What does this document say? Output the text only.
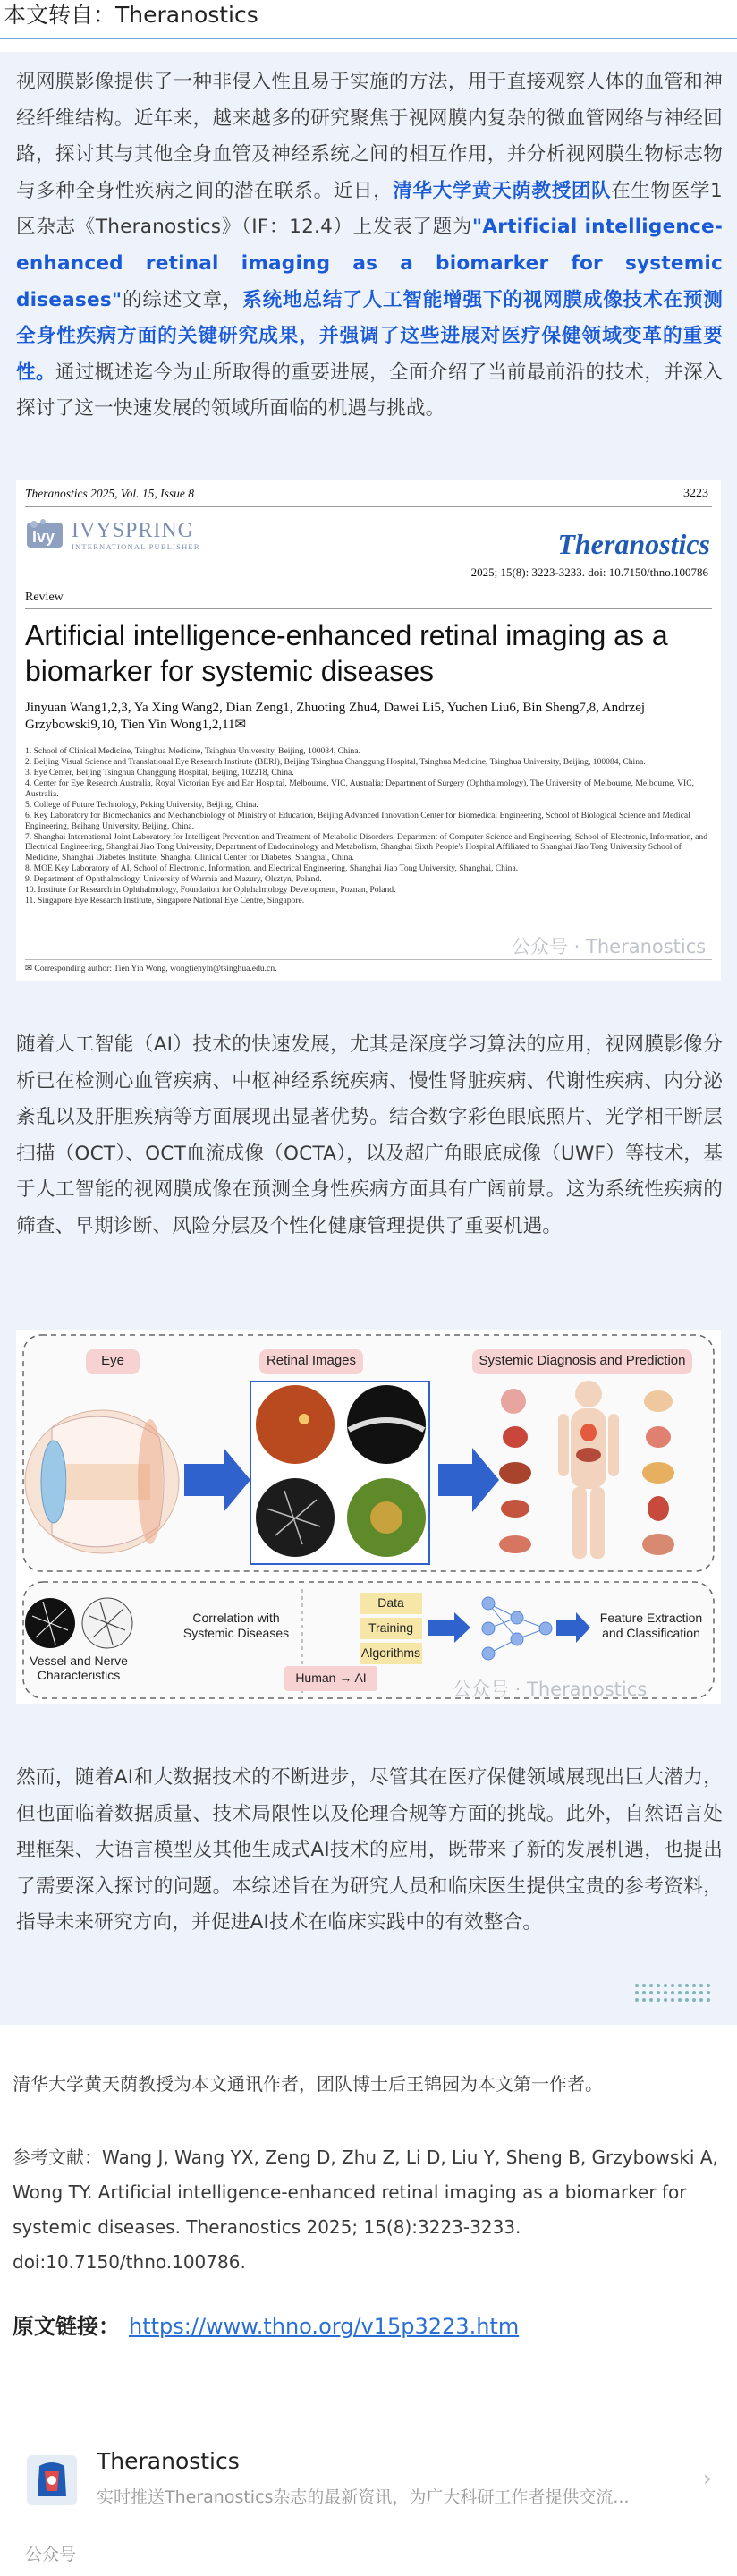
本文转自：Theranostics
视网膜影像提供了一种非侵入性且易于实施的方法，用于直接观察人体的血管和神经纤维结构。近年来，越来越多的研究聚焦于视网膜内复杂的微血管网络与神经回路，探讨其与其他全身血管及神经系统之间的相互作用，并分析视网膜生物标志物与多种全身性疾病之间的潜在联系。近日，清华大学黄天荫教授团队在生物医学1区杂志《Theranostics》（IF：12.4）上发表了题为"Artificial intelligence-enhanced retinal imaging as a biomarker for systemic diseases"的综述文章，系统地总结了人工智能增强下的视网膜成像技术在预测全身性疾病方面的关键研究成果，并强调了这些进展对医疗保健领域变革的重要性。通过概述迄今为止所取得的重要进展，全面介绍了当前最前沿的技术，并深入探讨了这一快速发展的领域所面临的机遇与挑战。
Theranostics 2025, Vol. 15, Issue 8	3223
Ivy IVYSPRING
INTERNATIONAL PUBLISHER	Theranostics
2025; 15(8): 3223-3233. doi: 10.7150/thno.100786
Review
Artificial intelligence-enhanced retinal imaging as a biomarker for systemic diseases
Jinyuan Wang1,2,3, Ya Xing Wang2, Dian Zeng1, Zhuoting Zhu4, Dawei Li5, Yuchen Liu6, Bin Sheng7,8, Andrzej Grzybowski9,10, Tien Yin Wong1,2,11✉
1. School of Clinical Medicine, Tsinghua Medicine, Tsinghua University, Beijing, 100084, China.
2. Beijing Visual Science and Translational Eye Research Institute (BERI), Beijing Tsinghua Changgung Hospital, Tsinghua Medicine, Tsinghua University, Beijing, 100084, China.
3. Eye Center, Beijing Tsinghua Changgung Hospital, Beijing, 102218, China.
4. Center for Eye Research Australia, Royal Victorian Eye and Ear Hospital, Melbourne, VIC, Australia; Department of Surgery (Ophthalmology), The University of Melbourne, Melbourne, VIC, Australia.
5. College of Future Technology, Peking University, Beijing, China.
6. Key Laboratory for Biomechanics and Mechanobiology of Ministry of Education, Beijing Advanced Innovation Center for Biomedical Engineering, School of Biological Science and Medical Engineering, Beihang University, Beijing, China.
7. Shanghai International Joint Laboratory for Intelligent Prevention and Treatment of Metabolic Disorders, Department of Computer Science and Engineering, School of Electronic, Information, and Electrical Engineering, Shanghai Jiao Tong University, Department of Endocrinology and Metabolism, Shanghai Sixth People's Hospital Affiliated to Shanghai Jiao Tong University School of Medicine, Shanghai Diabetes Institute, Shanghai Clinical Center for Diabetes, Shanghai, China.
8. MOE Key Laboratory of AI, School of Electronic, Information, and Electrical Engineering, Shanghai Jiao Tong University, Shanghai, China.
9. Department of Ophthalmology, University of Warmia and Mazury, Olsztyn, Poland.
10. Institute for Research in Ophthalmology, Foundation for Ophthalmology Development, Poznan, Poland.
11. Singapore Eye Research Institute, Singapore National Eye Centre, Singapore.
✉ Corresponding author: Tien Yin Wong, wongtienyin@tsinghua.edu.cn.
公众号 · Theranostics
随着人工智能（AI）技术的快速发展，尤其是深度学习算法的应用，视网膜影像分析已在检测心血管疾病、中枢神经系统疾病、慢性肾脏疾病、代谢性疾病、内分泌紊乱以及肝胆疾病等方面展现出显著优势。结合数字彩色眼底照片、光学相干断层扫描（OCT）、OCT血流成像（OCTA），以及超广角眼底成像（UWF）等技术，基于人工智能的视网膜成像在预测全身性疾病方面具有广阔前景。这为系统性疾病的筛查、早期诊断、风险分层及个性化健康管理提供了重要机遇。
Eye	Retinal Images	Systemic Diagnosis and Prediction
Vessel and Nerve Characteristics
Correlation with Systemic Diseases
Data
Training
Algorithms
Human → AI
Feature Extraction and Classification
公众号 · Theranostics
然而，随着AI和大数据技术的不断进步，尽管其在医疗保健领域展现出巨大潜力，但也面临着数据质量、技术局限性以及伦理合规等方面的挑战。此外，自然语言处理框架、大语言模型及其他生成式AI技术的应用，既带来了新的发展机遇，也提出了需要深入探讨的问题。本综述旨在为研究人员和临床医生提供宝贵的参考资料，指导未来研究方向，并促进AI技术在临床实践中的有效整合。
清华大学黄天荫教授为本文通讯作者，团队博士后王锦园为本文第一作者。
参考文献：Wang J, Wang YX, Zeng D, Zhu Z, Li D, Liu Y, Sheng B, Grzybowski A, Wong TY. Artificial intelligence-enhanced retinal imaging as a biomarker for systemic diseases. Theranostics 2025; 15(8):3223-3233. doi:10.7150/thno.100786.
原文链接： https://www.thno.org/v15p3223.htm
Theranostics
实时推送Theranostics杂志的最新资讯，为广大科研工作者提供交流...
›
公众号
